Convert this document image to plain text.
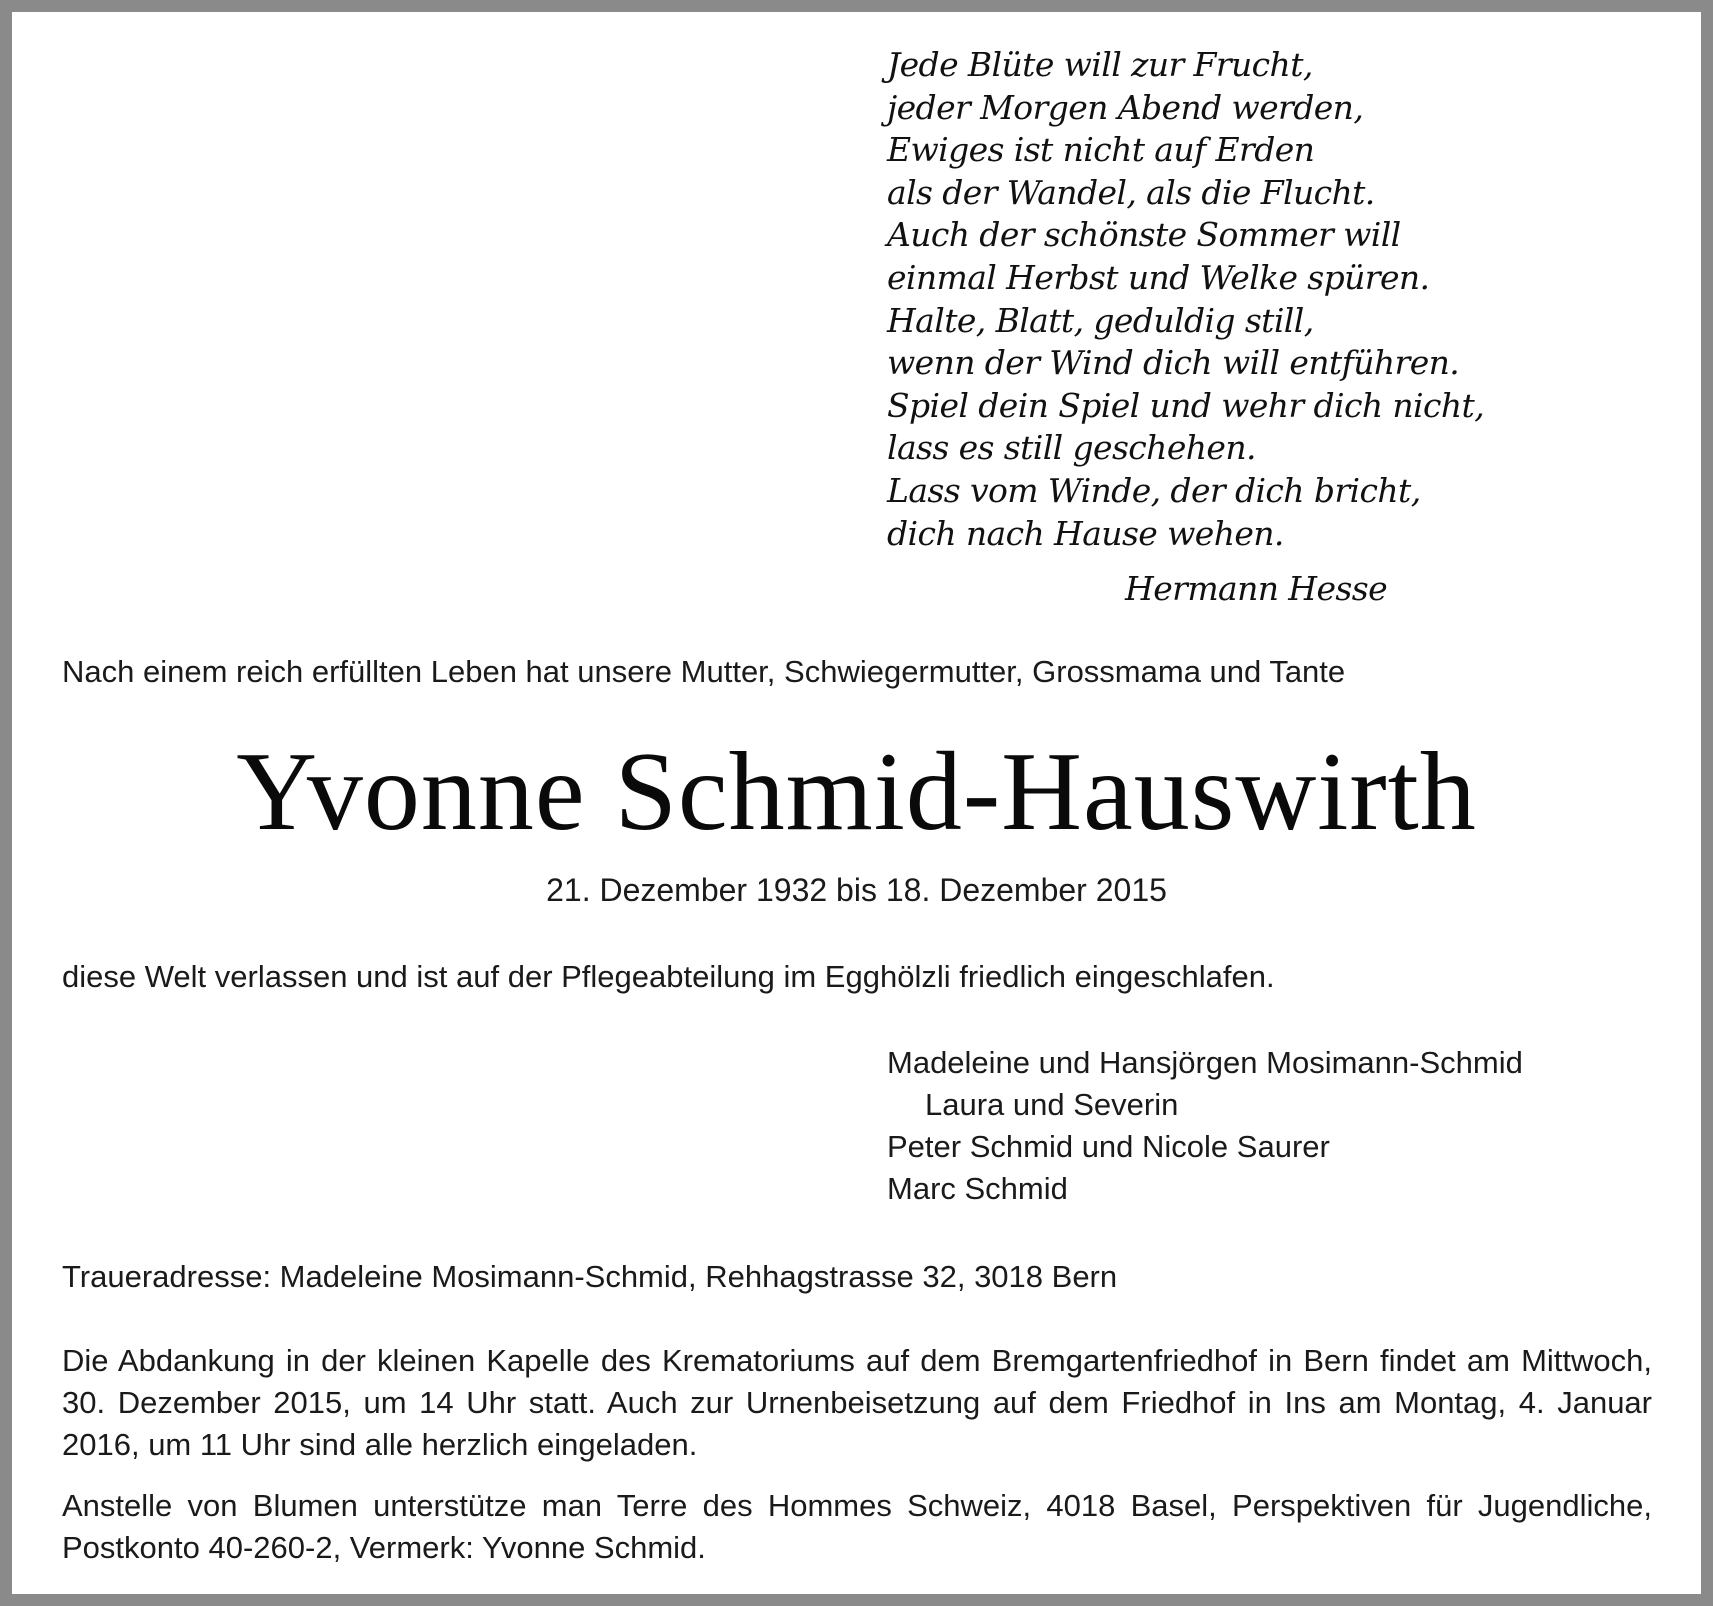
Jede Blüte will zur Frucht,
jeder Morgen Abend werden,
Ewiges ist nicht auf Erden
als der Wandel, als die Flucht.
Auch der schönste Sommer will
einmal Herbst und Welke spüren.
Halte, Blatt, geduldig still,
wenn der Wind dich will entführen.
Spiel dein Spiel und wehr dich nicht,
lass es still geschehen.
Lass vom Winde, der dich bricht,
dich nach Hause wehen.
Hermann Hesse
Nach einem reich erfüllten Leben hat unsere Mutter, Schwiegermutter, Grossmama und Tante
Yvonne Schmid-Hauswirth
21. Dezember 1932 bis 18. Dezember 2015
diese Welt verlassen und ist auf der Pflegeabteilung im Egghölzli friedlich eingeschlafen.
Madeleine und Hansjörgen Mosimann-Schmid
Laura und Severin
Peter Schmid und Nicole Saurer
Marc Schmid
Traueradresse: Madeleine Mosimann-Schmid, Rehhagstrasse 32, 3018 Bern
Die Abdankung in der kleinen Kapelle des Krematoriums auf dem Bremgartenfriedhof in Bern findet am Mittwoch, 30. Dezember 2015, um 14 Uhr statt. Auch zur Urnenbeisetzung auf dem Friedhof in Ins am Montag, 4. Januar 2016, um 11 Uhr sind alle herzlich eingeladen.
Anstelle von Blumen unterstütze man Terre des Hommes Schweiz, 4018 Basel, Perspektiven für Jugendliche, Postkonto 40-260-2, Vermerk: Yvonne Schmid.
